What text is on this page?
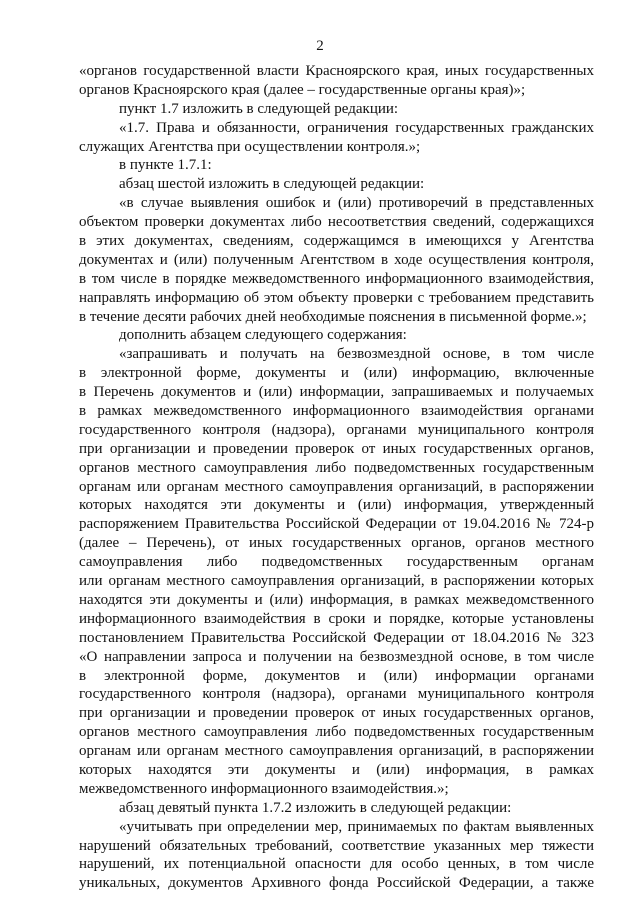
2
«органов государственной власти Красноярского края, иных государственных
органов Красноярского края (далее – государственные органы края)»;
пункт 1.7 изложить в следующей редакции:
«1.7. Права и обязанности, ограничения государственных гражданских
служащих Агентства при осуществлении контроля.»;
в пункте 1.7.1:
абзац шестой изложить в следующей редакции:
«в случае выявления ошибок и (или) противоречий в представленных
объектом проверки документах либо несоответствия сведений, содержащихся
в этих документах, сведениям, содержащимся в имеющихся у Агентства
документах и (или) полученным Агентством в ходе осуществления контроля,
в том числе в порядке межведомственного информационного взаимодействия,
направлять информацию об этом объекту проверки с требованием представить
в течение десяти рабочих дней необходимые пояснения в письменной форме.»;
дополнить абзацем следующего содержания:
«запрашивать и получать на безвозмездной основе, в том числе
в электронной форме, документы и (или) информацию, включенные
в Перечень документов и (или) информации, запрашиваемых и получаемых
в рамках межведомственного информационного взаимодействия органами
государственного контроля (надзора), органами муниципального контроля
при организации и проведении проверок от иных государственных органов,
органов местного самоуправления либо подведомственных государственным
органам или органам местного самоуправления организаций, в распоряжении
которых находятся эти документы и (или) информация, утвержденный
распоряжением Правительства Российской Федерации от 19.04.2016 № 724-р
(далее – Перечень), от иных государственных органов, органов местного
самоуправления либо подведомственных государственным органам
или органам местного самоуправления организаций, в распоряжении которых
находятся эти документы и (или) информация, в рамках межведомственного
информационного взаимодействия в сроки и порядке, которые установлены
постановлением Правительства Российской Федерации от 18.04.2016 № 323
«О направлении запроса и получении на безвозмездной основе, в том числе
в электронной форме, документов и (или) информации органами
государственного контроля (надзора), органами муниципального контроля
при организации и проведении проверок от иных государственных органов,
органов местного самоуправления либо подведомственных государственным
органам или органам местного самоуправления организаций, в распоряжении
которых находятся эти документы и (или) информация, в рамках
межведомственного информационного взаимодействия.»;
абзац девятый пункта 1.7.2 изложить в следующей редакции:
«учитывать при определении мер, принимаемых по фактам выявленных
нарушений обязательных требований, соответствие указанных мер тяжести
нарушений, их потенциальной опасности для особо ценных, в том числе
уникальных, документов Архивного фонда Российской Федерации, а также
